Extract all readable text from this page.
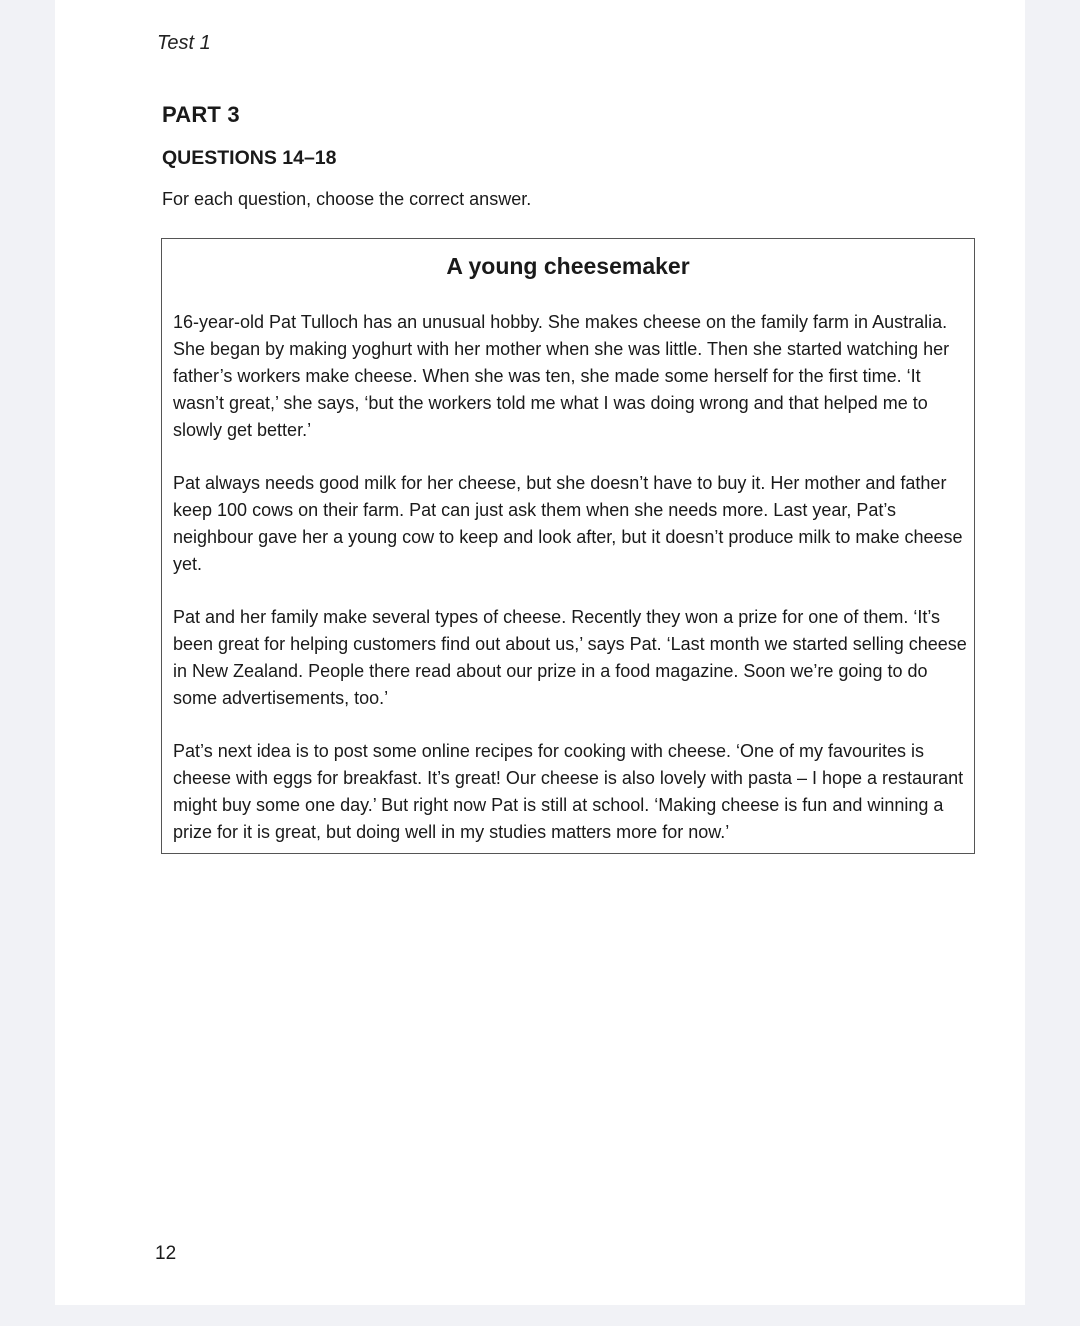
Test 1
PART 3
QUESTIONS 14–18
For each question, choose the correct answer.
A young cheesemaker

16-year-old Pat Tulloch has an unusual hobby. She makes cheese on the family farm in Australia. She began by making yoghurt with her mother when she was little. Then she started watching her father’s workers make cheese. When she was ten, she made some herself for the first time. ‘It wasn’t great,’ she says, ‘but the workers told me what I was doing wrong and that helped me to slowly get better.’

Pat always needs good milk for her cheese, but she doesn’t have to buy it. Her mother and father keep 100 cows on their farm. Pat can just ask them when she needs more. Last year, Pat’s neighbour gave her a young cow to keep and look after, but it doesn’t produce milk to make cheese yet.

Pat and her family make several types of cheese. Recently they won a prize for one of them. ‘It’s been great for helping customers find out about us,’ says Pat. ‘Last month we started selling cheese in New Zealand. People there read about our prize in a food magazine. Soon we’re going to do some advertisements, too.’

Pat’s next idea is to post some online recipes for cooking with cheese. ‘One of my favourites is cheese with eggs for breakfast. It’s great! Our cheese is also lovely with pasta – I hope a restaurant might buy some one day.’ But right now Pat is still at school. ‘Making cheese is fun and winning a prize for it is great, but doing well in my studies matters more for now.’

12
